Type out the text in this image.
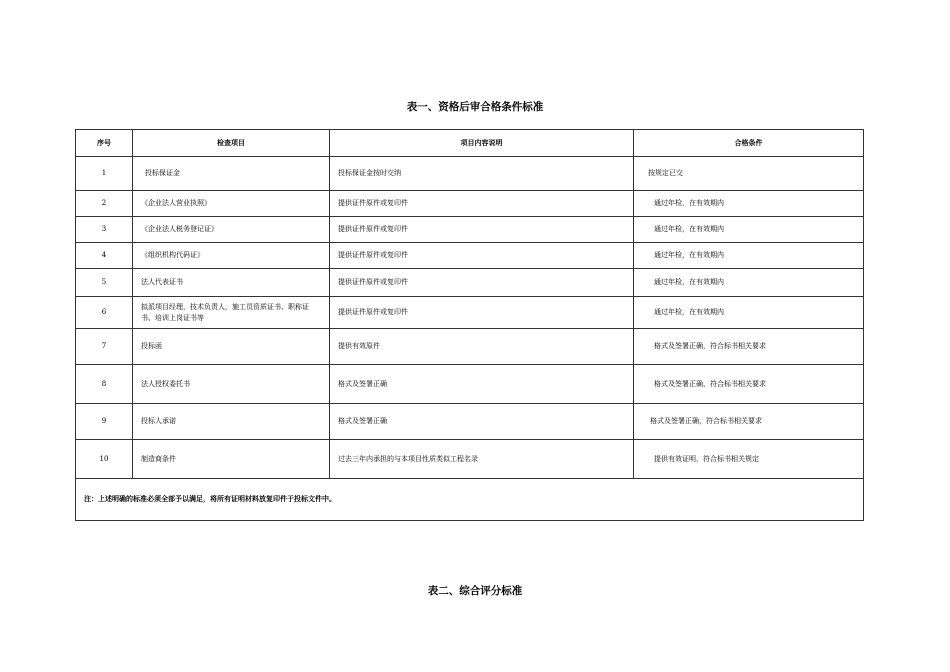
表一、资格后审合格条件标准
序号	检查项目	项目内容说明	合格条件
1	投标保证金	投标保证金按时交纳	按规定已交
2	《企业法人营业执照》	提供证件原件或复印件	通过年检，在有效期内
3	《企业法人税务登记证》	提供证件原件或复印件	通过年检，在有效期内
4	《组织机构代码证》	提供证件原件或复印件	通过年检，在有效期内
5	法人代表证书	提供证件原件或复印件	通过年检，在有效期内
6	拟派项目经理，技术负责人，施工员资质证书、职称证书、培训上岗证书等	提供证件原件或复印件	通过年检，在有效期内
7	投标函	提供有效原件	格式及签署正确，符合标书相关要求
8	法人授权委托书	格式及签署正确	格式及签署正确，符合标书相关要求
9	投标人承诺	格式及签署正确	格式及签署正确，符合标书相关要求
10	制造商条件	过去三年内承担的与本项目性质类似工程名录	提供有效证明，符合标书相关规定
注：上述明确的标准必须全部予以满足，将所有证明材料放复印件于投标文件中。			
表二、综合评分标准
